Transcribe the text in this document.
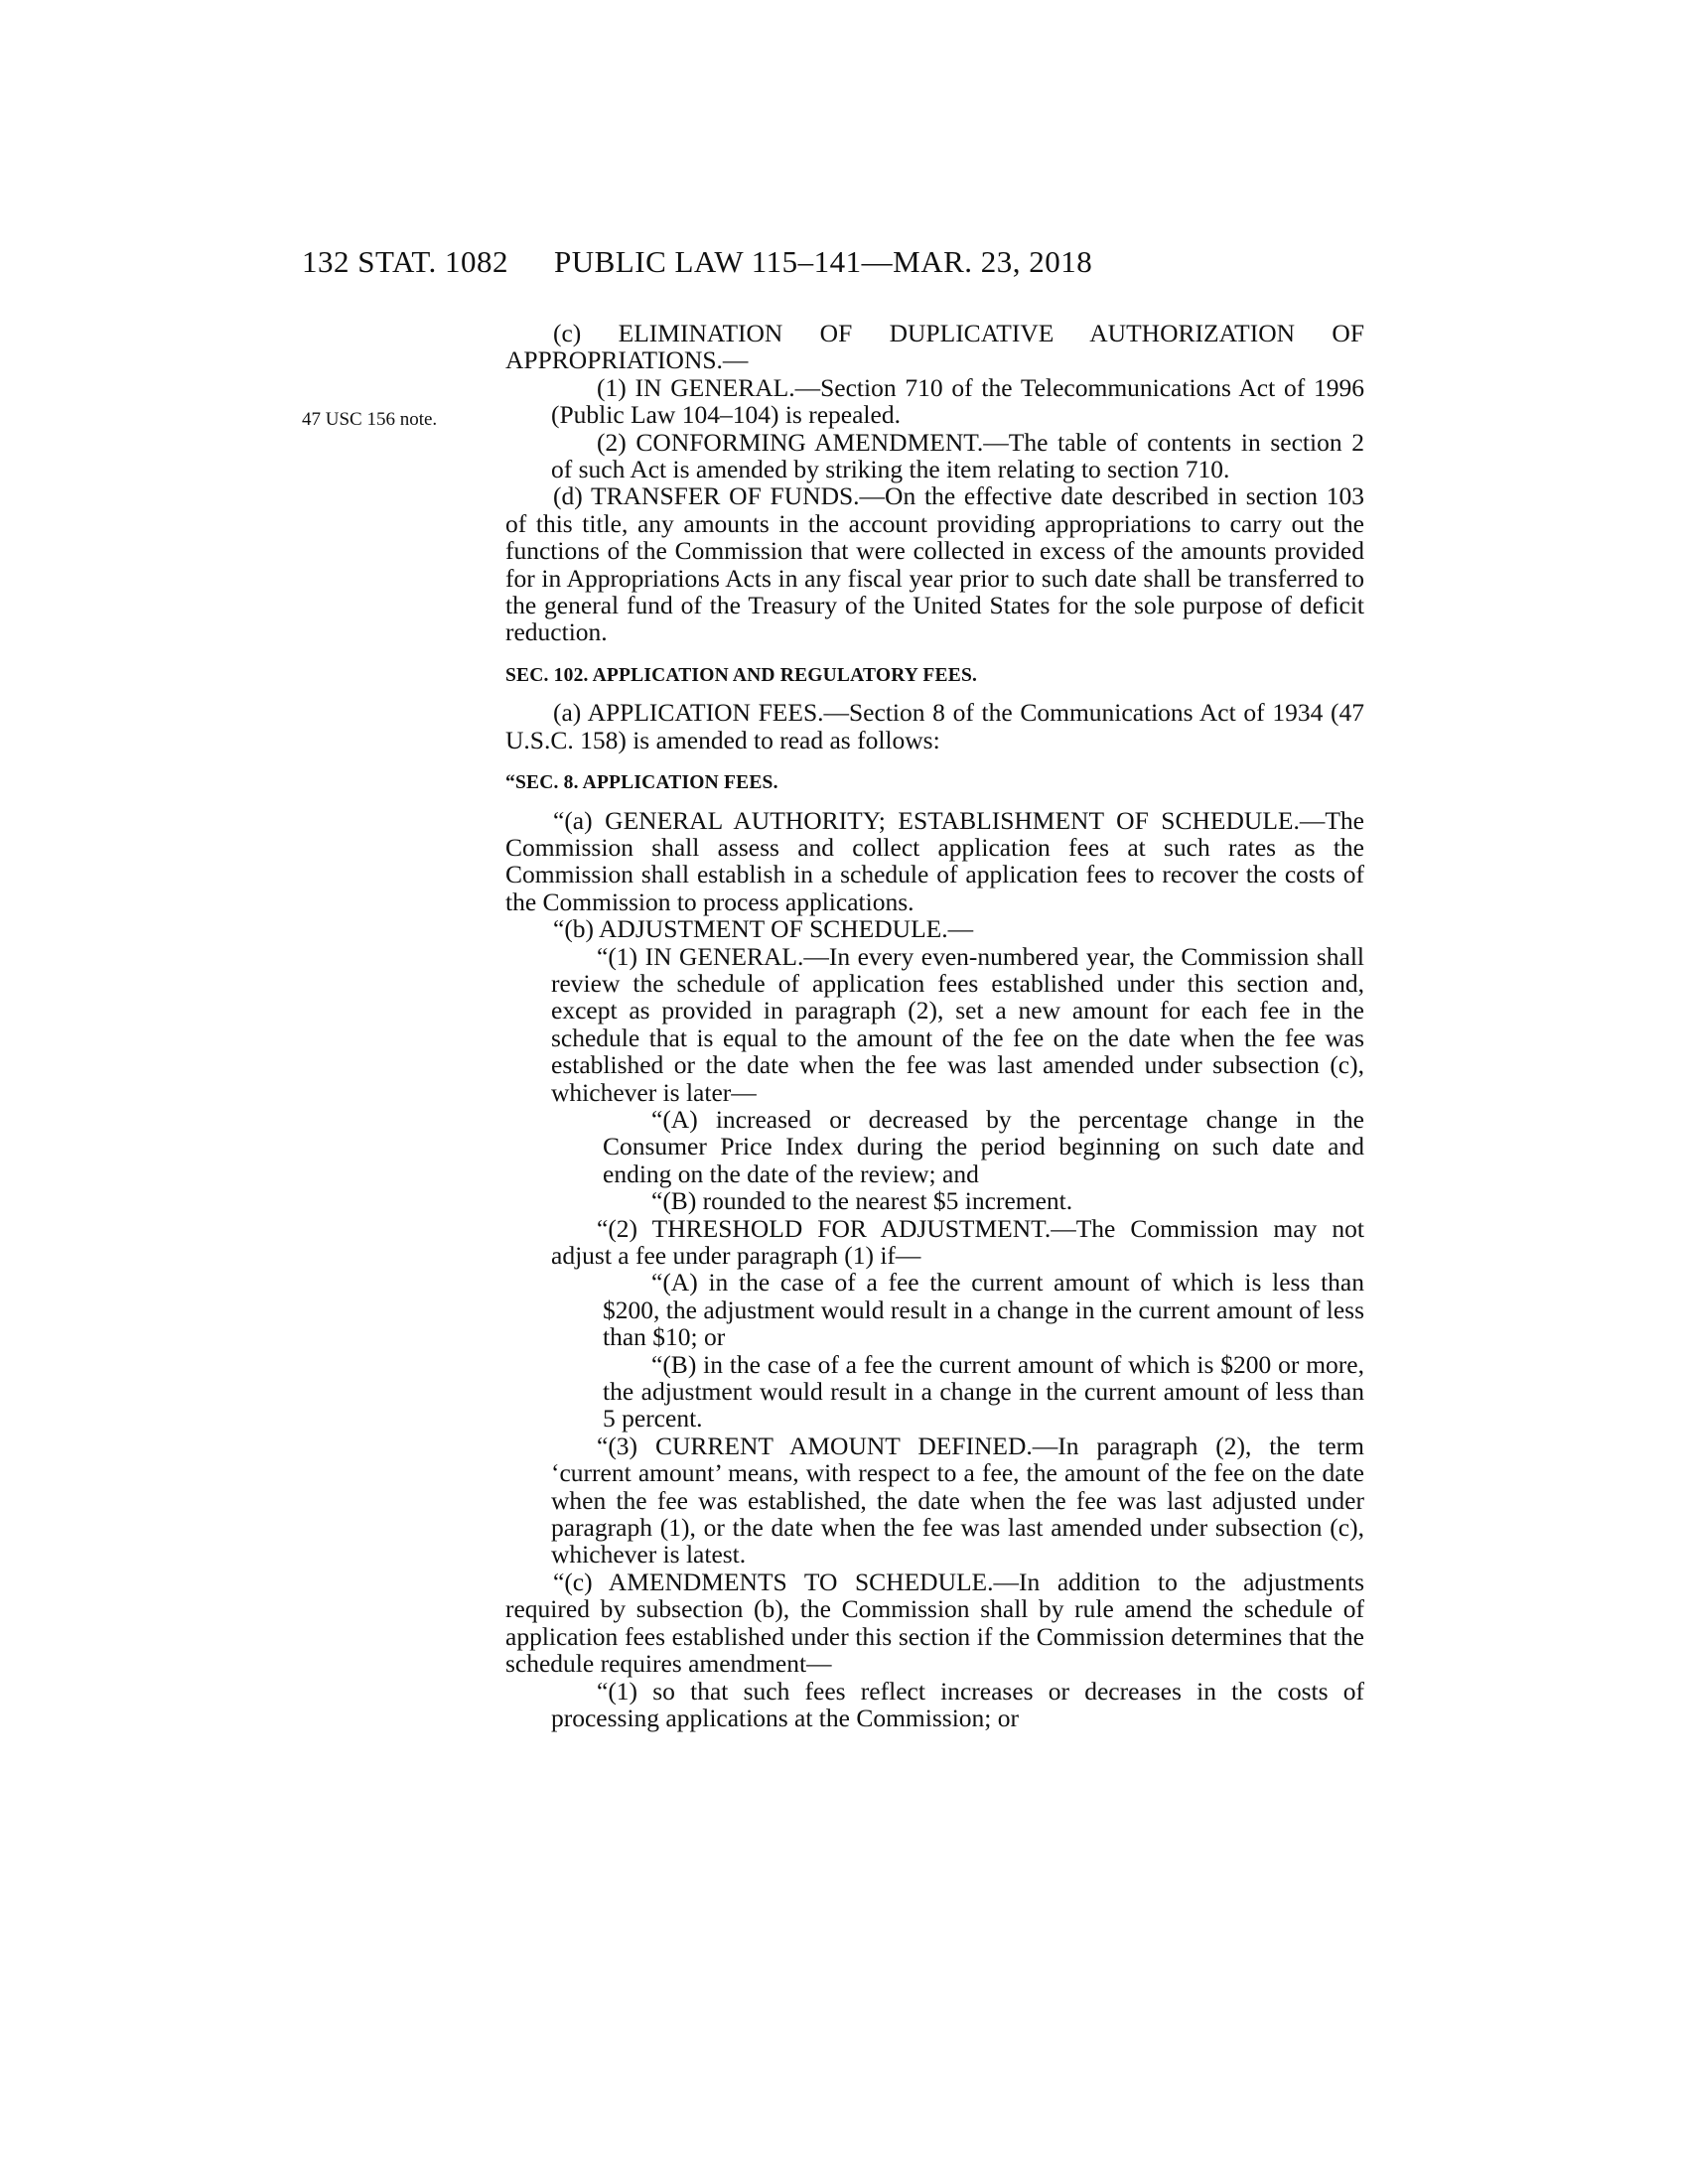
132 STAT. 1082 PUBLIC LAW 115–141—MAR. 23, 2018
47 USC 156 note.

(c) ELIMINATION OF DUPLICATIVE AUTHORIZATION OF APPROPRIATIONS.—

(1) IN GENERAL.—Section 710 of the Telecommunications Act of 1996 (Public Law 104–104) is repealed.

(2) CONFORMING AMENDMENT.—The table of contents in section 2 of such Act is amended by striking the item relating to section 710.

(d) TRANSFER OF FUNDS.—On the effective date described in section 103 of this title, any amounts in the account providing appropriations to carry out the functions of the Commission that were collected in excess of the amounts provided for in Appropriations Acts in any fiscal year prior to such date shall be transferred to the general fund of the Treasury of the United States for the sole purpose of deficit reduction.

SEC. 102. APPLICATION AND REGULATORY FEES.

(a) APPLICATION FEES.—Section 8 of the Communications Act of 1934 (47 U.S.C. 158) is amended to read as follows:

“SEC. 8. APPLICATION FEES.

“(a) GENERAL AUTHORITY; ESTABLISHMENT OF SCHEDULE.—The Commission shall assess and collect application fees at such rates as the Commission shall establish in a schedule of application fees to recover the costs of the Commission to process applications.

“(b) ADJUSTMENT OF SCHEDULE.—

“(1) IN GENERAL.—In every even-numbered year, the Commission shall review the schedule of application fees established under this section and, except as provided in paragraph (2), set a new amount for each fee in the schedule that is equal to the amount of the fee on the date when the fee was established or the date when the fee was last amended under subsection (c), whichever is later—

“(A) increased or decreased by the percentage change in the Consumer Price Index during the period beginning on such date and ending on the date of the review; and

“(B) rounded to the nearest $5 increment.

“(2) THRESHOLD FOR ADJUSTMENT.—The Commission may not adjust a fee under paragraph (1) if—

“(A) in the case of a fee the current amount of which is less than $200, the adjustment would result in a change in the current amount of less than $10; or

“(B) in the case of a fee the current amount of which is $200 or more, the adjustment would result in a change in the current amount of less than 5 percent.

“(3) CURRENT AMOUNT DEFINED.—In paragraph (2), the term ‘current amount’ means, with respect to a fee, the amount of the fee on the date when the fee was established, the date when the fee was last adjusted under paragraph (1), or the date when the fee was last amended under subsection (c), whichever is latest.

“(c) AMENDMENTS TO SCHEDULE.—In addition to the adjustments required by subsection (b), the Commission shall by rule amend the schedule of application fees established under this section if the Commission determines that the schedule requires amendment—

“(1) so that such fees reflect increases or decreases in the costs of processing applications at the Commission; or
